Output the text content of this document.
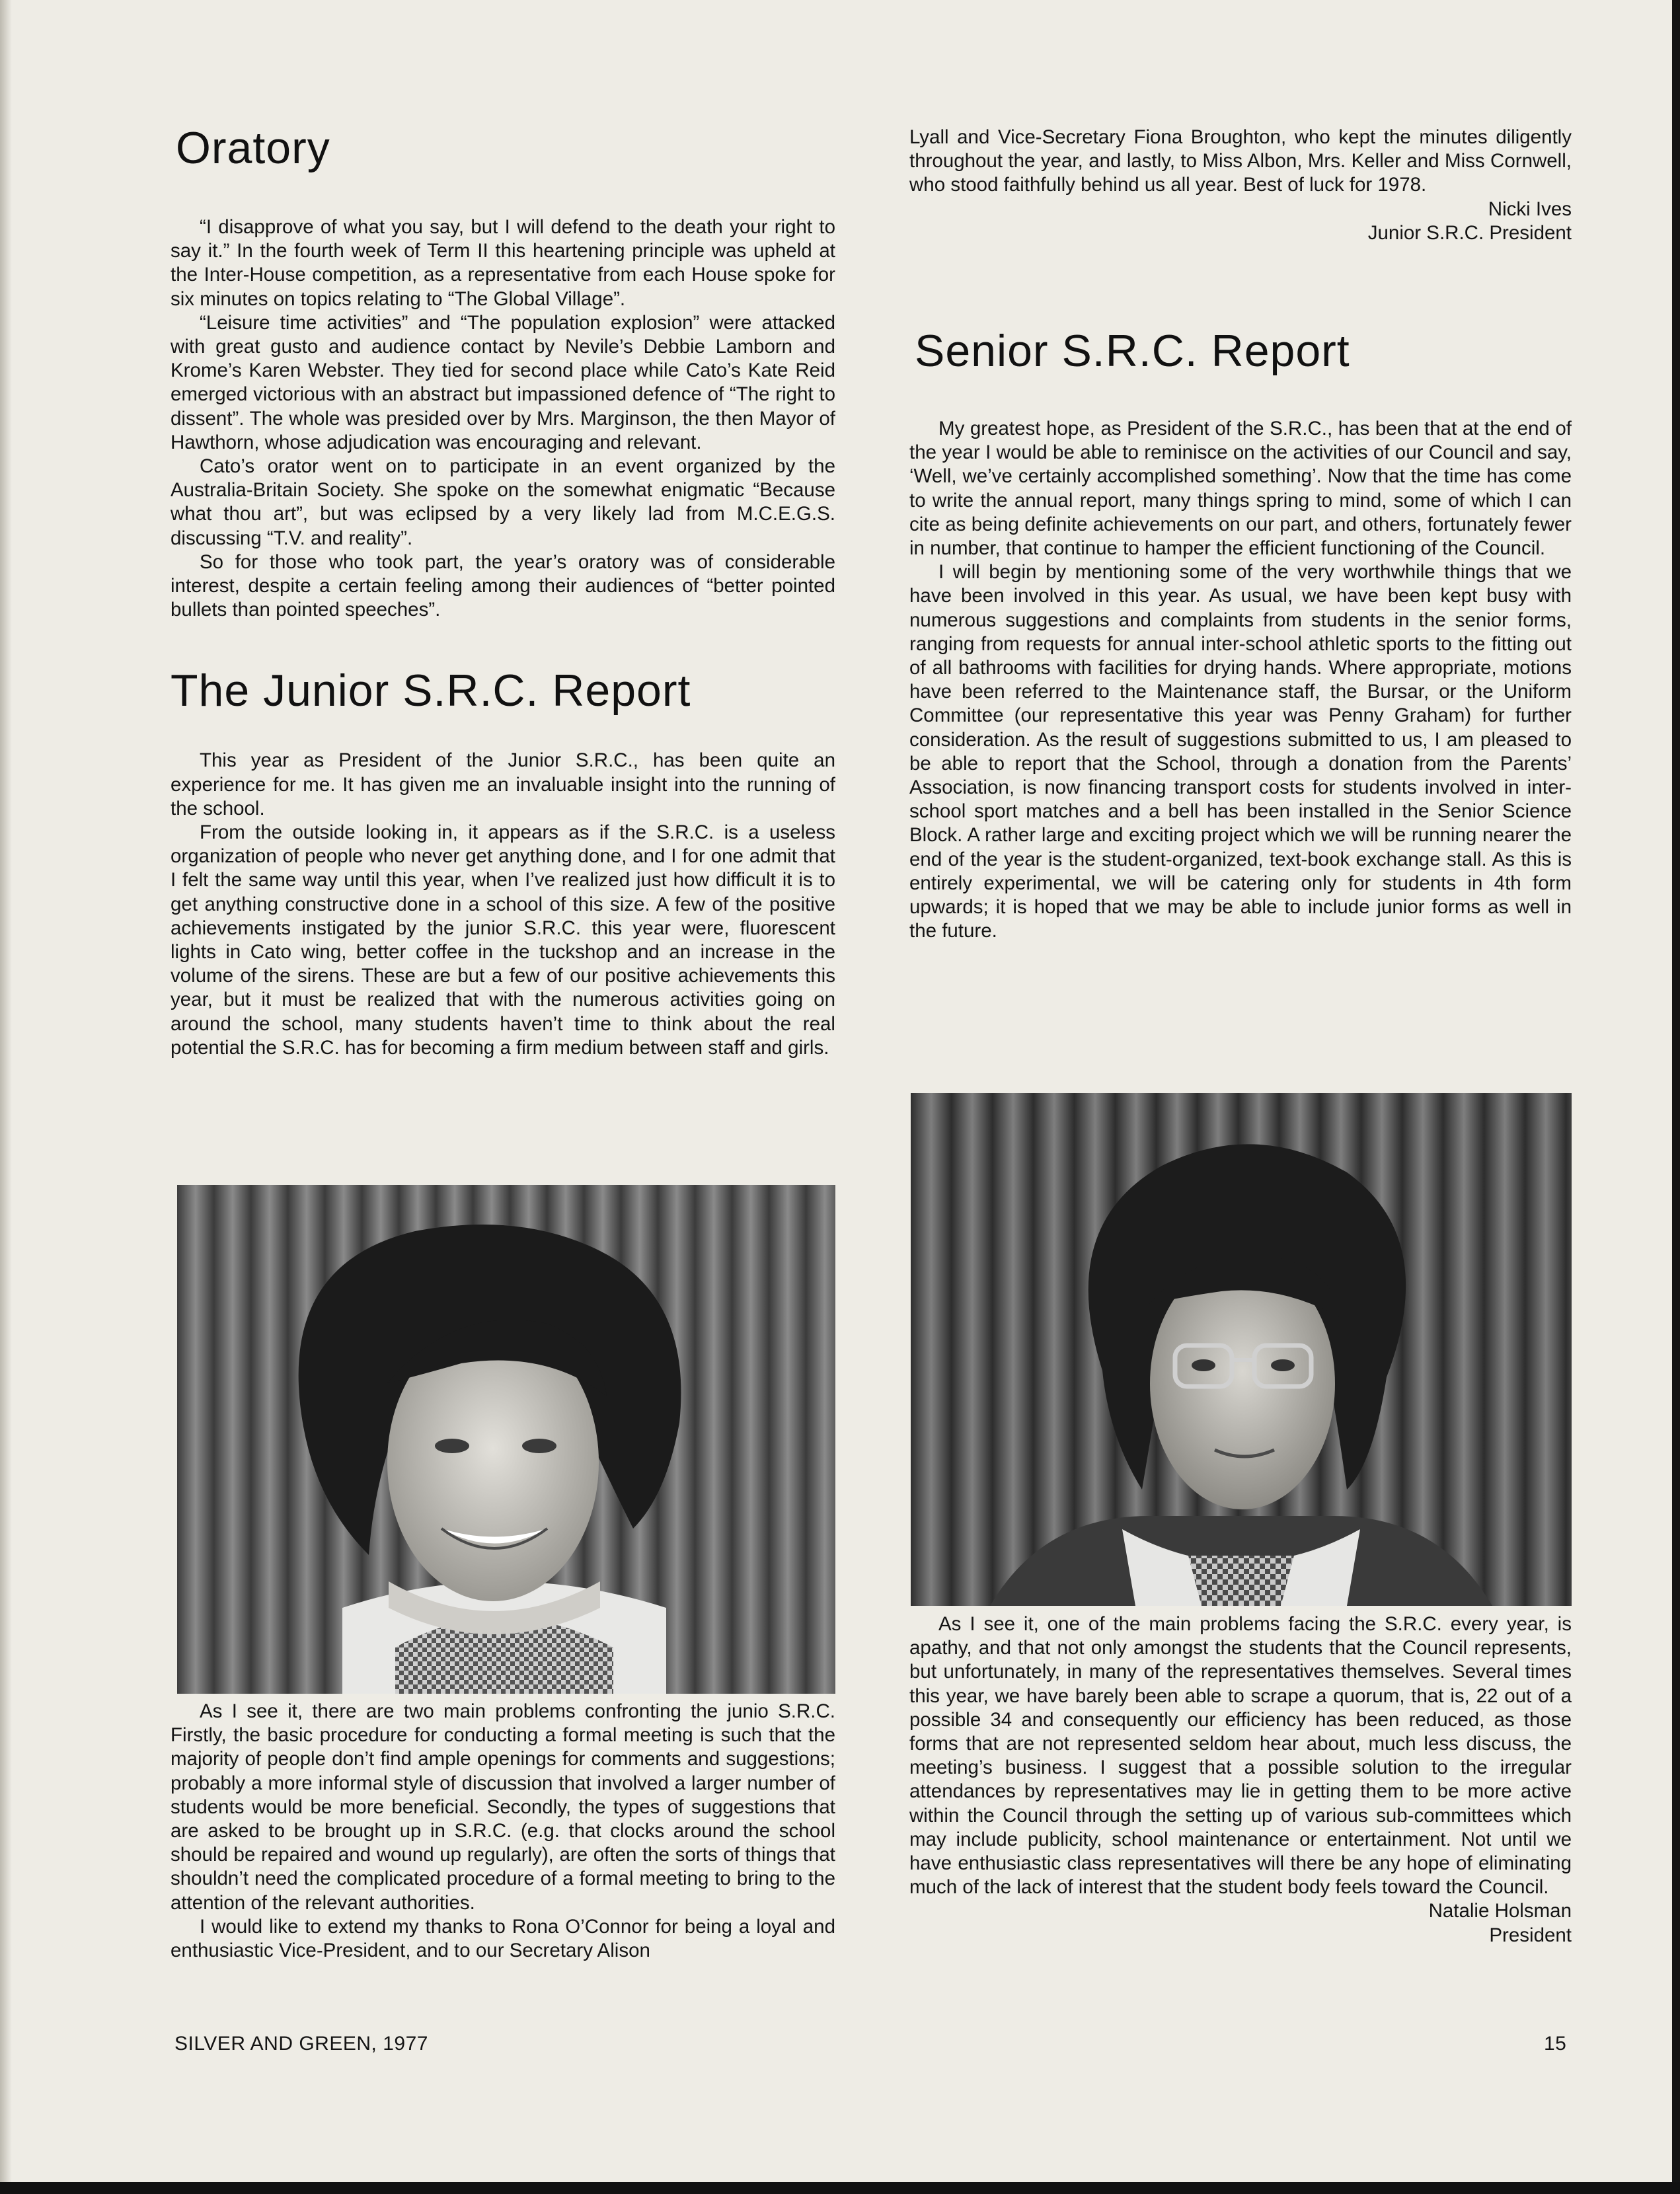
Oratory

“I disapprove of what you say, but I will defend to the death your right to say it.” In the fourth week of Term II this heartening principle was upheld at the Inter-House competition, as a representative from each House spoke for six minutes on topics relating to “The Global Village”.

“Leisure time activities” and “The population explosion” were attacked with great gusto and audience contact by Nevile’s Debbie Lamborn and Krome’s Karen Webster. They tied for second place while Cato’s Kate Reid emerged victorious with an abstract but impassioned defence of “The right to dissent”. The whole was presided over by Mrs. Marginson, the then Mayor of Hawthorn, whose adjudication was encouraging and relevant.

Cato’s orator went on to participate in an event organized by the Australia-Britain Society. She spoke on the somewhat enigmatic “Because what thou art”, but was eclipsed by a very likely lad from M.C.E.G.S. discussing “T.V. and reality”.

So for those who took part, the year’s oratory was of considerable interest, despite a certain feeling among their audiences of “better pointed bullets than pointed speeches”.

The Junior S.R.C. Report

This year as President of the Junior S.R.C., has been quite an experience for me. It has given me an invaluable insight into the running of the school.

From the outside looking in, it appears as if the S.R.C. is a useless organization of people who never get anything done, and I for one admit that I felt the same way until this year, when I’ve realized just how difficult it is to get anything constructive done in a school of this size. A few of the positive achievements instigated by the junior S.R.C. this year were, fluorescent lights in Cato wing, better coffee in the tuckshop and an increase in the volume of the sirens. These are but a few of our positive achievements this year, but it must be realized that with the numerous activities going on around the school, many students haven’t time to think about the real potential the S.R.C. has for becoming a firm medium between staff and girls.

As I see it, there are two main problems confronting the junio S.R.C. Firstly, the basic procedure for conducting a formal meeting is such that the majority of people don’t find ample openings for comments and suggestions; probably a more informal style of discussion that involved a larger number of students would be more beneficial. Secondly, the types of suggestions that are asked to be brought up in S.R.C. (e.g. that clocks around the school should be repaired and wound up regularly), are often the sorts of things that shouldn’t need the complicated procedure of a formal meeting to bring to the attention of the relevant authorities.

I would like to extend my thanks to Rona O’Connor for being a loyal and enthusiastic Vice-President, and to our Secretary Alison

Lyall and Vice-Secretary Fiona Broughton, who kept the minutes diligently throughout the year, and lastly, to Miss Albon, Mrs. Keller and Miss Cornwell, who stood faithfully behind us all year. Best of luck for 1978.

Nicki Ives
Junior S.R.C. President
Senior S.R.C. Report

My greatest hope, as President of the S.R.C., has been that at the end of the year I would be able to reminisce on the activities of our Council and say, ‘Well, we’ve certainly accomplished something’. Now that the time has come to write the annual report, many things spring to mind, some of which I can cite as being definite achievements on our part, and others, fortunately fewer in number, that continue to hamper the efficient functioning of the Council.

I will begin by mentioning some of the very worthwhile things that we have been involved in this year. As usual, we have been kept busy with numerous suggestions and complaints from students in the senior forms, ranging from requests for annual inter-school athletic sports to the fitting out of all bathrooms with facilities for drying hands. Where appropriate, motions have been referred to the Maintenance staff, the Bursar, or the Uniform Committee (our representative this year was Penny Graham) for further consideration. As the result of suggestions submitted to us, I am pleased to be able to report that the School, through a donation from the Parents’ Association, is now financing transport costs for students involved in inter-school sport matches and a bell has been installed in the Senior Science Block. A rather large and exciting project which we will be running nearer the end of the year is the student-organized, text-book exchange stall. As this is entirely experimental, we will be catering only for students in 4th form upwards; it is hoped that we may be able to include junior forms as well in the future.

As I see it, one of the main problems facing the S.R.C. every year, is apathy, and that not only amongst the students that the Council represents, but unfortunately, in many of the representatives themselves. Several times this year, we have barely been able to scrape a quorum, that is, 22 out of a possible 34 and consequently our efficiency has been reduced, as those forms that are not represented seldom hear about, much less discuss, the meeting’s business. I suggest that a possible solution to the irregular attendances by representatives may lie in getting them to be more active within the Council through the setting up of various sub-committees which may include publicity, school maintenance or entertainment. Not until we have enthusiastic class representatives will there be any hope of eliminating much of the lack of interest that the student body feels toward the Council.

Natalie Holsman
President
SILVER AND GREEN, 1977	15
